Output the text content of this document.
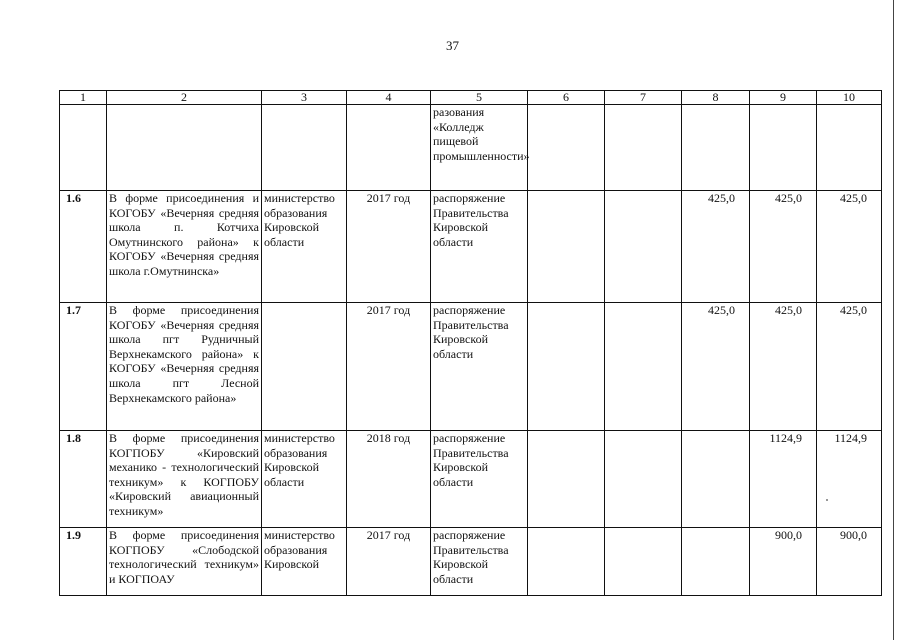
37
1	2	3	4	5	6	7	8	9	10
				разования «Колледж пищевой промышленности»					
1.6	В форме присоединения и КОГОБУ «Вечерняя средняя школа п. Котчиха Омутнинского района» к КОГОБУ «Вечерняя средняя школа г.Омутнинска»	министерство образования Кировской области	2017 год	распоряжение Правительства Кировской области			425,0	425,0	425,0
1.7	В форме присоединения КОГОБУ «Вечерняя средняя школа пгт Рудничный Верхнекамского района» к КОГОБУ «Вечерняя средняя школа пгт Лесной Верхнекамского района»		2017 год	распоряжение Правительства Кировской области			425,0	425,0	425,0
1.8	В форме присоединения КОГПОБУ «Кировский механико - технологический техникум» к КОГПОБУ «Кировский авиационный техникум»	министерство образования Кировской области	2018 год	распоряжение Правительства Кировской области				1124,9	1124,9
1.9	В форме присоединения КОГПОБУ «Слободской технологический техникум» и КОГПОАУ	министерство образования Кировской	2017 год	распоряжение Правительства Кировской области				900,0	900,0
